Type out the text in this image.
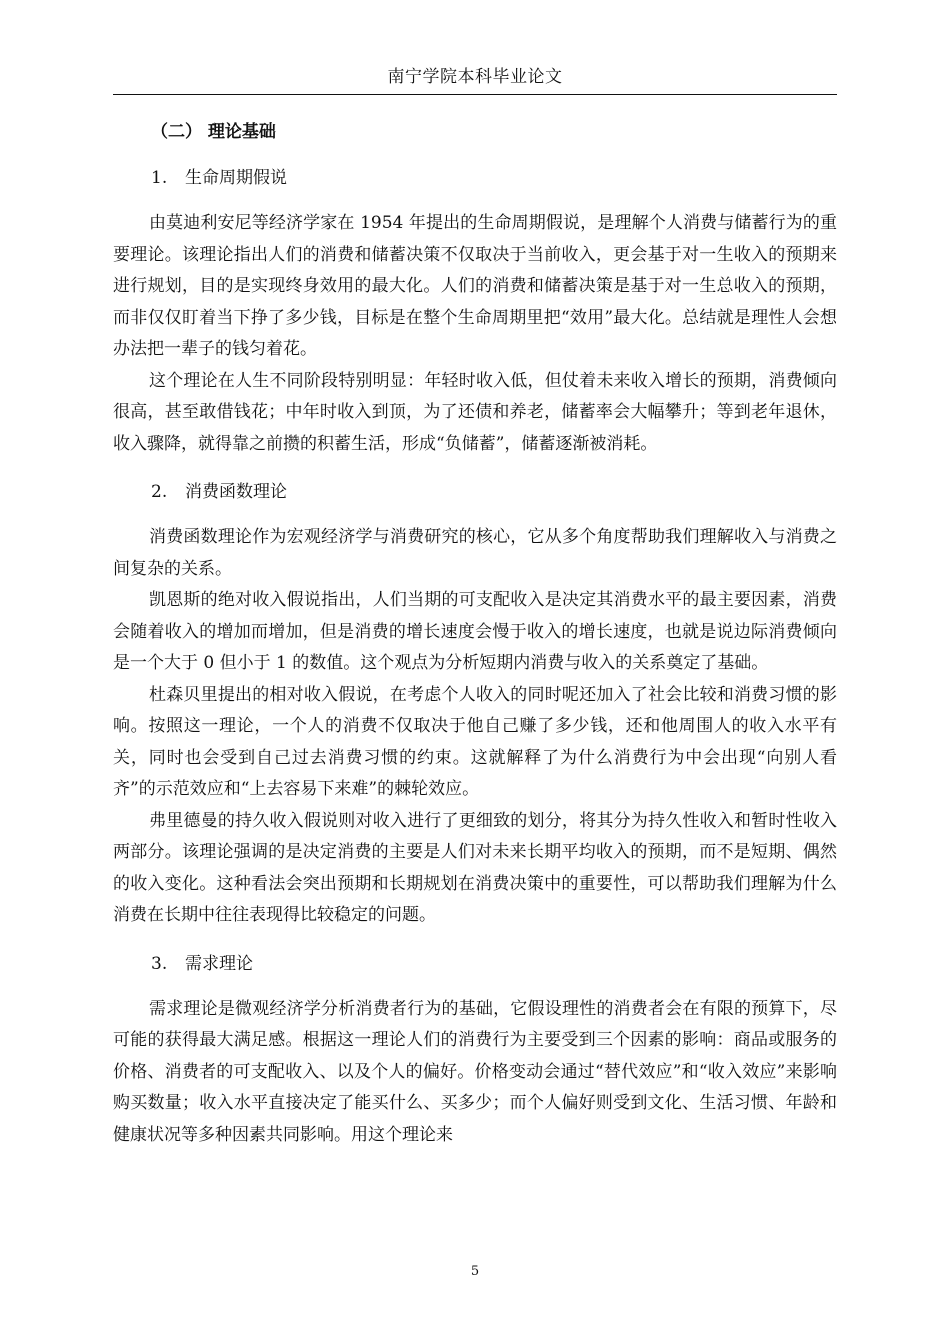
南宁学院本科毕业论文
（二） 理论基础
1. 生命周期假说

由莫迪利安尼等经济学家在 1954 年提出的生命周期假说，是理解个人消费与储蓄行为的重要理论。该理论指出人们的消费和储蓄决策不仅取决于当前收入，更会基于对一生收入的预期来进行规划，目的是实现终身效用的最大化。人们的消费和储蓄决策是基于对一生总收入的预期，而非仅仅盯着当下挣了多少钱，目标是在整个生命周期里把“效用”最大化。总结就是理性人会想办法把一辈子的钱匀着花。

这个理论在人生不同阶段特别明显：年轻时收入低，但仗着未来收入增长的预期，消费倾向很高，甚至敢借钱花；中年时收入到顶，为了还债和养老，储蓄率会大幅攀升；等到老年退休，收入骤降，就得靠之前攒的积蓄生活，形成“负储蓄”，储蓄逐渐被消耗。

2. 消费函数理论

消费函数理论作为宏观经济学与消费研究的核心，它从多个角度帮助我们理解收入与消费之间复杂的关系。

凯恩斯的绝对收入假说指出，人们当期的可支配收入是决定其消费水平的最主要因素，消费会随着收入的增加而增加，但是消费的增长速度会慢于收入的增长速度，也就是说边际消费倾向是一个大于 0 但小于 1 的数值。这个观点为分析短期内消费与收入的关系奠定了基础。

杜森贝里提出的相对收入假说，在考虑个人收入的同时呢还加入了社会比较和消费习惯的影响。按照这一理论，一个人的消费不仅取决于他自己赚了多少钱，还和他周围人的收入水平有关，同时也会受到自己过去消费习惯的约束。这就解释了为什么消费行为中会出现“向别人看齐”的示范效应和“上去容易下来难”的棘轮效应。

弗里德曼的持久收入假说则对收入进行了更细致的划分，将其分为持久性收入和暂时性收入两部分。该理论强调的是决定消费的主要是人们对未来长期平均收入的预期，而不是短期、偶然的收入变化。这种看法会突出预期和长期规划在消费决策中的重要性，可以帮助我们理解为什么消费在长期中往往表现得比较稳定的问题。

3. 需求理论

需求理论是微观经济学分析消费者行为的基础，它假设理性的消费者会在有限的预算下，尽可能的获得最大满足感。根据这一理论人们的消费行为主要受到三个因素的影响：商品或服务的价格、消费者的可支配收入、以及个人的偏好。价格变动会通过“替代效应”和“收入效应”来影响购买数量；收入水平直接决定了能买什么、买多少；而个人偏好则受到文化、生活习惯、年龄和健康状况等多种因素共同影响。用这个理论来

5
